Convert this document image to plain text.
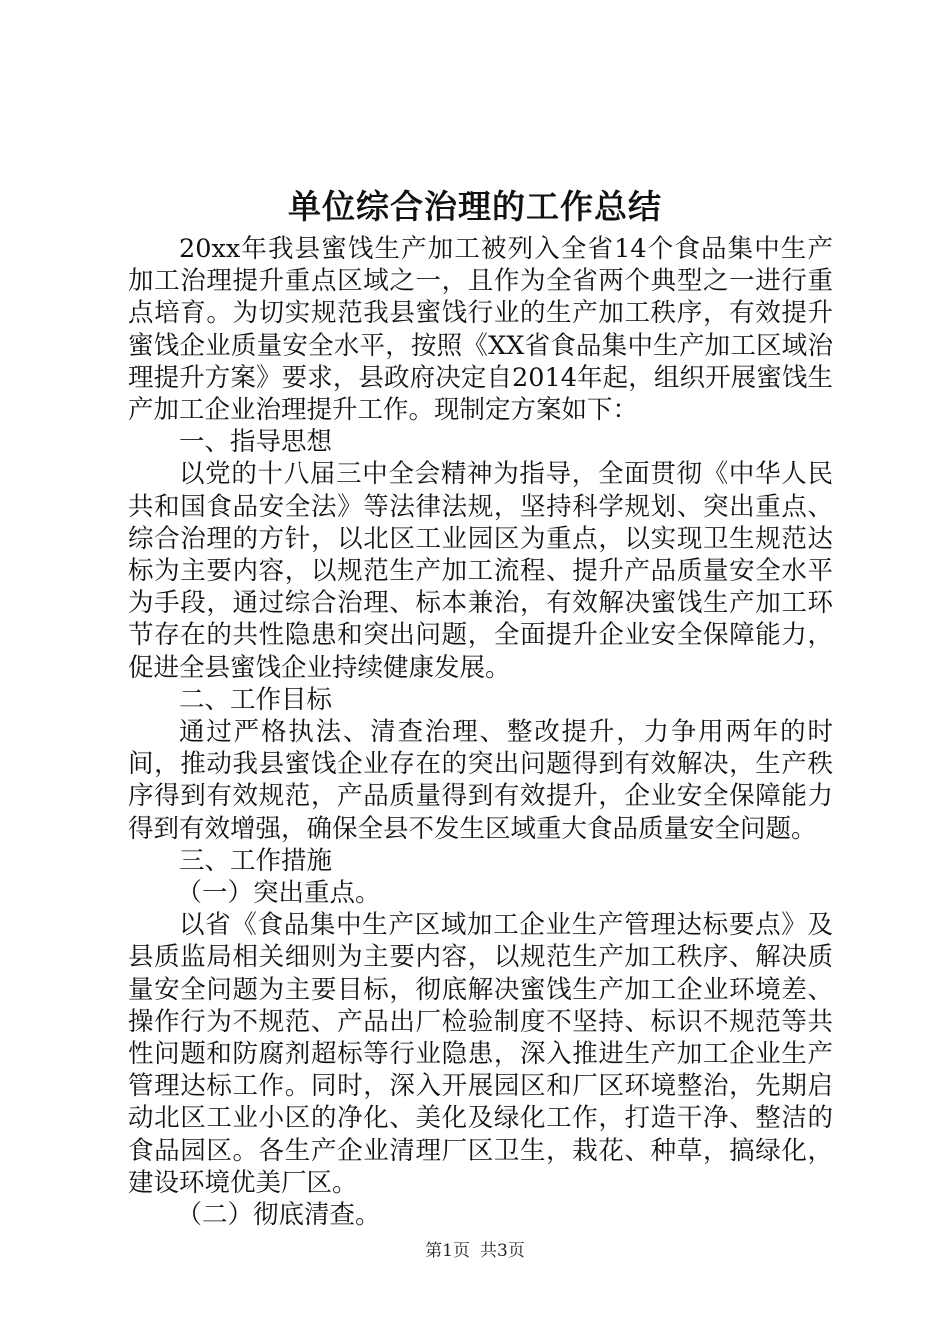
单位综合治理的工作总结

20xx年我县蜜饯生产加工被列入全省14个食品集中生产加工治理提升重点区域之一，且作为全省两个典型之一进行重点培育。为切实规范我县蜜饯行业的生产加工秩序，有效提升蜜饯企业质量安全水平，按照《XX省食品集中生产加工区域治理提升方案》要求，县政府决定自2014年起，组织开展蜜饯生产加工企业治理提升工作。现制定方案如下：

一、指导思想

以党的十八届三中全会精神为指导，全面贯彻《中华人民共和国食品安全法》等法律法规，坚持科学规划、突出重点、综合治理的方针，以北区工业园区为重点，以实现卫生规范达标为主要内容，以规范生产加工流程、提升产品质量安全水平为手段，通过综合治理、标本兼治，有效解决蜜饯生产加工环节存在的共性隐患和突出问题，全面提升企业安全保障能力，促进全县蜜饯企业持续健康发展。

二、工作目标

通过严格执法、清查治理、整改提升，力争用两年的时间，推动我县蜜饯企业存在的突出问题得到有效解决，生产秩序得到有效规范，产品质量得到有效提升，企业安全保障能力得到有效增强，确保全县不发生区域重大食品质量安全问题。

三、工作措施

（一）突出重点。

以省《食品集中生产区域加工企业生产管理达标要点》及县质监局相关细则为主要内容，以规范生产加工秩序、解决质量安全问题为主要目标，彻底解决蜜饯生产加工企业环境差、操作行为不规范、产品出厂检验制度不坚持、标识不规范等共性问题和防腐剂超标等行业隐患，深入推进生产加工企业生产管理达标工作。同时，深入开展园区和厂区环境整治，先期启动北区工业小区的净化、美化及绿化工作，打造干净、整洁的食品园区。各生产企业清理厂区卫生，栽花、种草，搞绿化，建设环境优美厂区。

（二）彻底清查。

第1页 共3页
